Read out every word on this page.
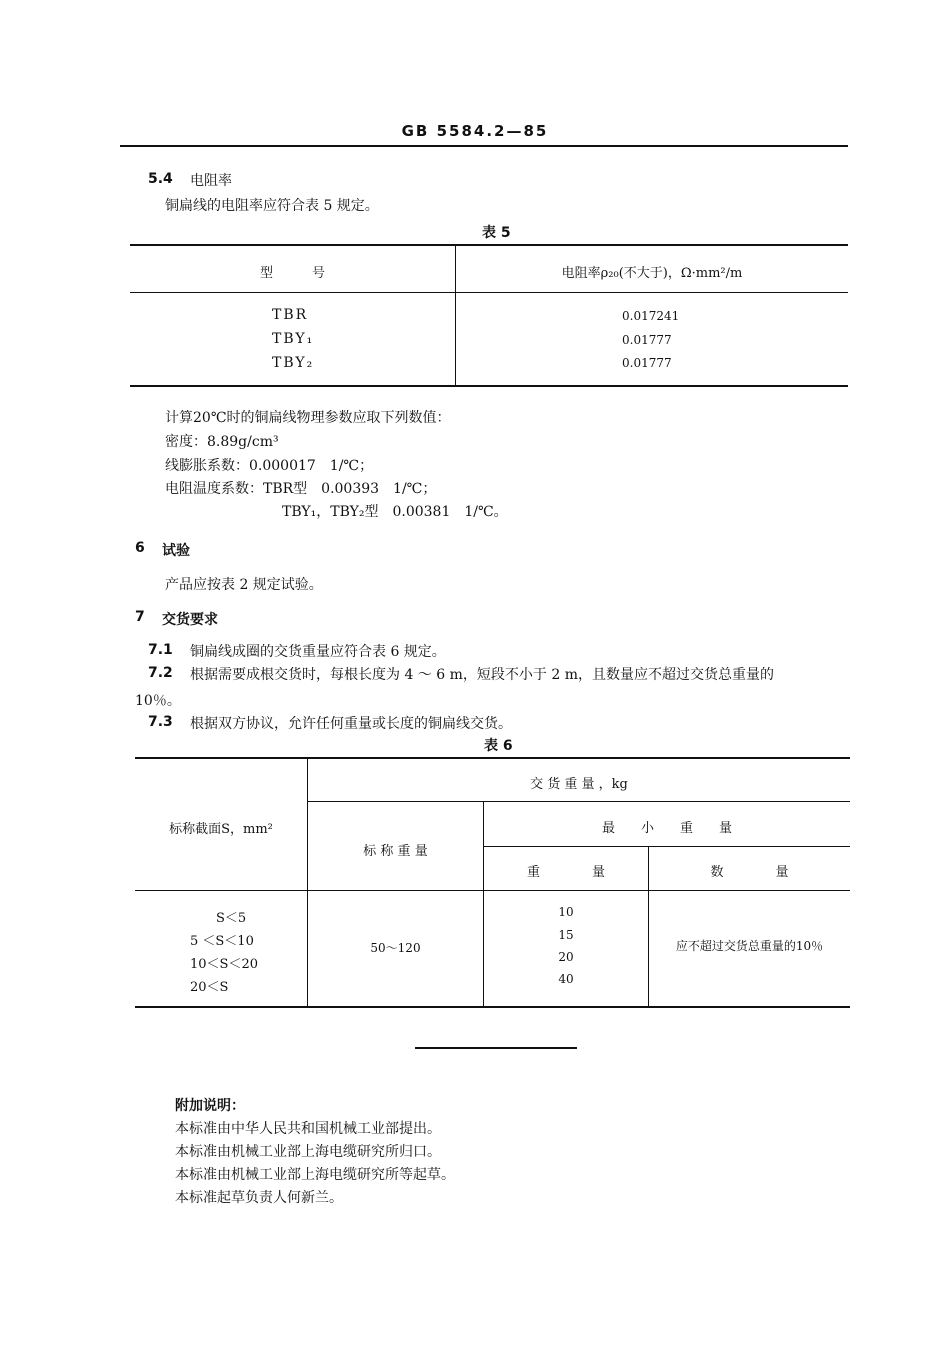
GB 5584.2—85
5.4 电阻率
铜扁线的电阻率应符合表 5 规定。
表 5
型　　　号	电阻率ρ₂₀(不大于)，Ω·mm²/m
TBR
TBY₁
TBY₂
0.017241
0.01777
0.01777
计算20℃时的铜扁线物理参数应取下列数值：
密度：8.89g/cm³
线膨胀系数：0.000017　1/℃；
电阻温度系数：TBR型　0.00393　1/℃；
TBY₁，TBY₂型　0.00381　1/℃。
6 试验
产品应按表 2 规定试验。
7 交货要求
7.1 铜扁线成圈的交货重量应符合表 6 规定。
7.2 根据需要成根交货时，每根长度为 4 ～ 6 m，短段不小于 2 m，且数量应不超过交货总重量的
10％。
7.3 根据双方协议，允许任何重量或长度的铜扁线交货。
表 6
标称截面S，mm²
交 货 重 量 ，kg
标 称 重 量
最　　小　　重　　量
重　　　　量	数　　　　量
S＜5
5 ＜S＜10
10＜S＜20
20＜S
50～120
10
15
20
40
应不超过交货总重量的10％
附加说明：
本标准由中华人民共和国机械工业部提出。
本标准由机械工业部上海电缆研究所归口。
本标准由机械工业部上海电缆研究所等起草。
本标准起草负责人何新兰。
